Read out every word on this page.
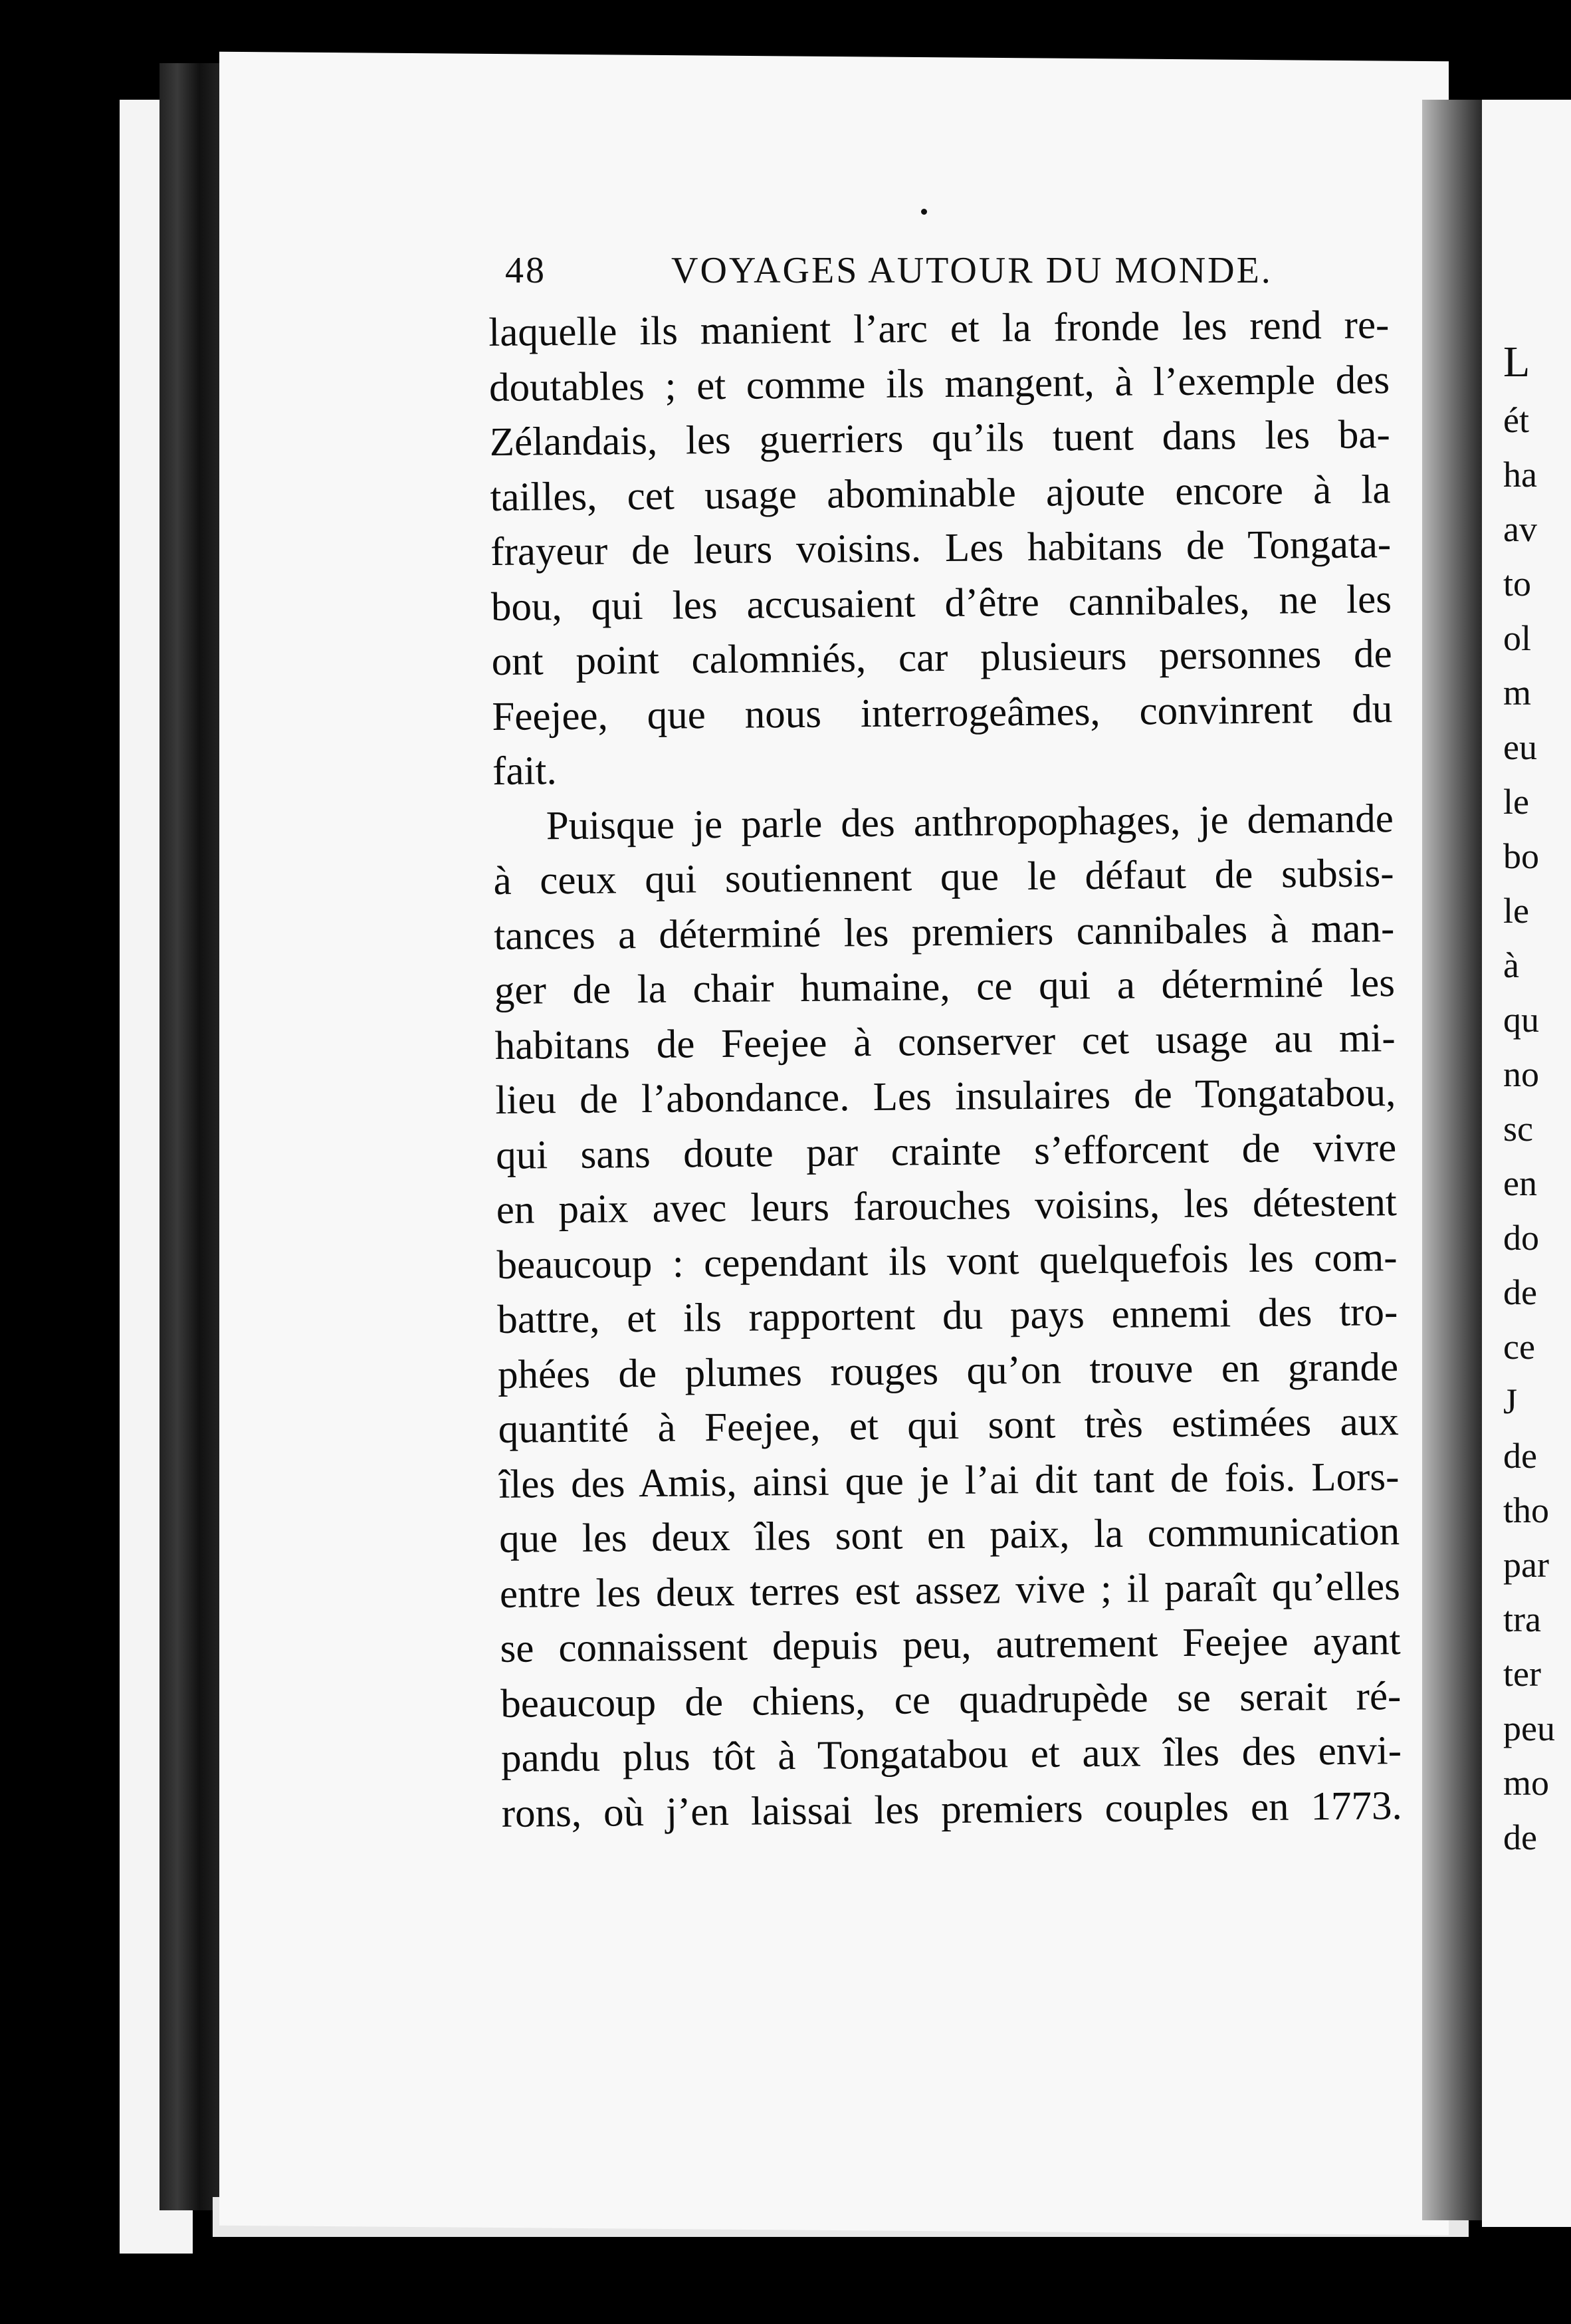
L
ét
ha
av
to
ol
m
eu
le
bo
le
à
qu
no
sc
en
do
de
ce
J
de
tho
par
tra
ter
peu
mo
de
48	VOYAGES AUTOUR DU MONDE.
laquelle ils manient l’arc et la fronde les rend re-
doutables ; et comme ils mangent, à l’exemple des
Zélandais, les guerriers qu’ils tuent dans les ba-
tailles, cet usage abominable ajoute encore à la
frayeur de leurs voisins. Les habitans de Tongata-
bou, qui les accusaient d’être cannibales, ne les
ont point calomniés, car plusieurs personnes de
Feejee, que nous interrogeâmes, convinrent du
fait.
Puisque je parle des anthropophages, je demande
à ceux qui soutiennent que le défaut de subsis-
tances a déterminé les premiers cannibales à man-
ger de la chair humaine, ce qui a déterminé les
habitans de Feejee à conserver cet usage au mi-
lieu de l’abondance. Les insulaires de Tongatabou,
qui sans doute par crainte s’efforcent de vivre
en paix avec leurs farouches voisins, les détestent
beaucoup : cependant ils vont quelquefois les com-
battre, et ils rapportent du pays ennemi des tro-
phées de plumes rouges qu’on trouve en grande
quantité à Feejee, et qui sont très estimées aux
îles des Amis, ainsi que je l’ai dit tant de fois. Lors-
que les deux îles sont en paix, la communication
entre les deux terres est assez vive ; il paraît qu’elles
se connaissent depuis peu, autrement Feejee ayant
beaucoup de chiens, ce quadrupède se serait ré-
pandu plus tôt à Tongatabou et aux îles des envi-
rons, où j’en laissai les premiers couples en 1773.
